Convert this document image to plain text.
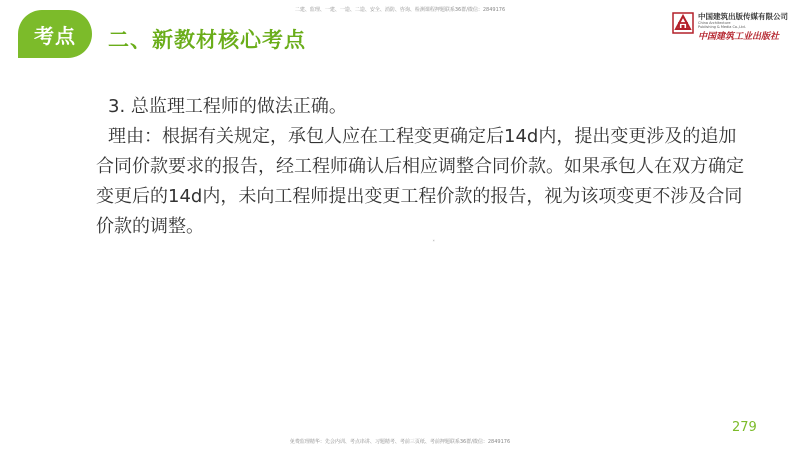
二建、监理、一建、一造、二造、安全、消防、咨询、检测课程押题联系36群/微信：2849176
考点 二、新教材核心考点
中国建筑出版传媒有限公司
China Architecture
Publishing & Media Co.,Ltd.
中国建筑工业出版社

3. 总监理工程师的做法正确。

理由：根据有关规定，承包人应在工程变更确定后14d内，提出变更涉及的追加合同价款要求的报告，经工程师确认后相应调整合同价款。如果承包人在双方确定变更后的14d内，未向工程师提出变更工程价款的报告，视为该项变更不涉及合同价款的调整。

✦
279
免费监理精华：先会内训、考点串讲、习题精考、考前三页纸、考前押题联系36群/微信：2849176
